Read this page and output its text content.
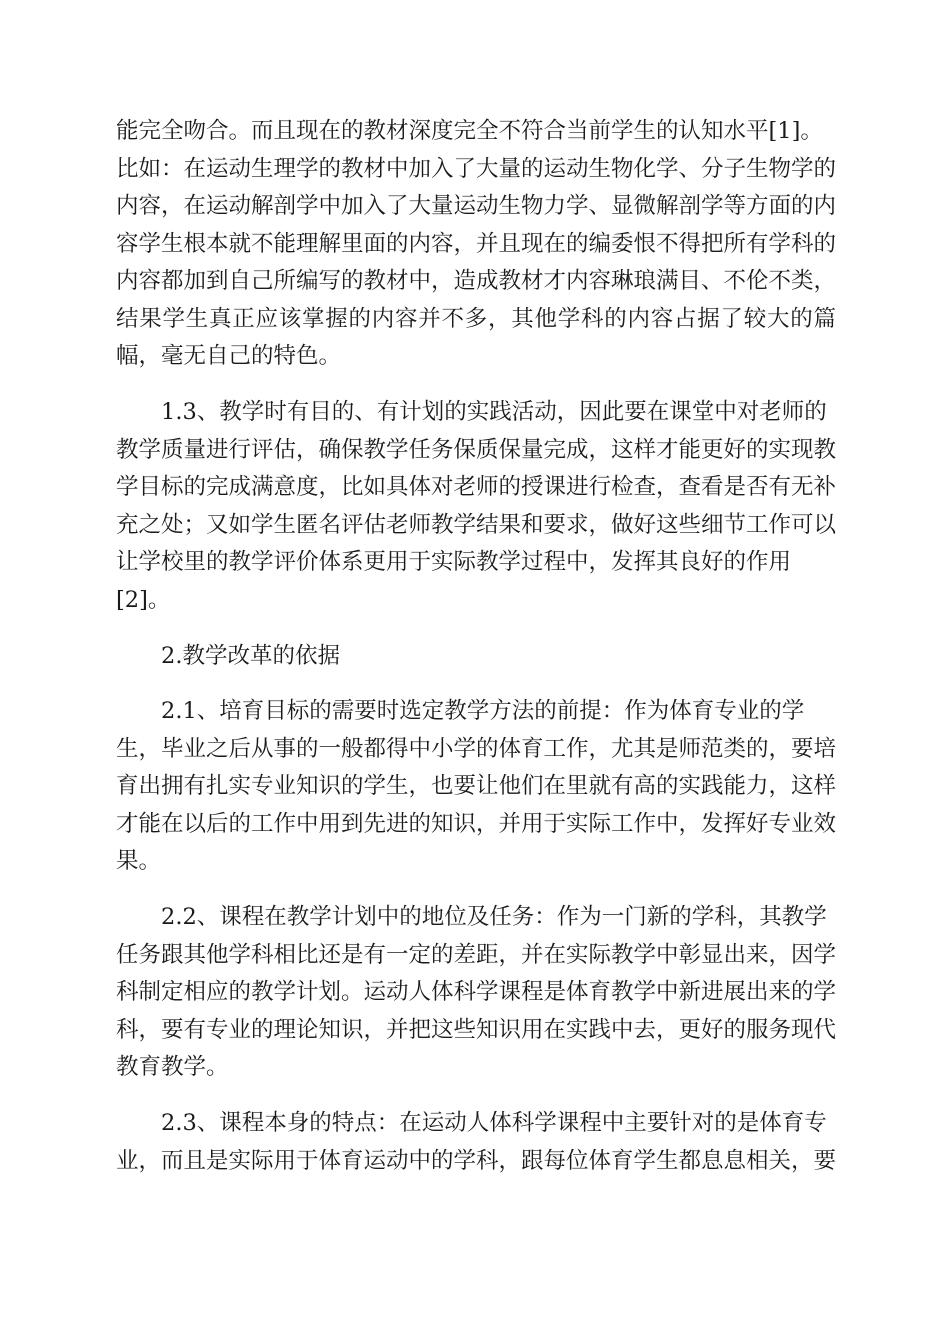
能完全吻合。而且现在的教材深度完全不符合当前学生的认知水平[1]。
比如：在运动生理学的教材中加入了大量的运动生物化学、分子生物学的
内容，在运动解剖学中加入了大量运动生物力学、显微解剖学等方面的内
容学生根本就不能理解里面的内容，并且现在的编委恨不得把所有学科的
内容都加到自己所编写的教材中，造成教材才内容琳琅满目、不伦不类，
结果学生真正应该掌握的内容并不多，其他学科的内容占据了较大的篇
幅，毫无自己的特色。
1.3、教学时有目的、有计划的实践活动，因此要在课堂中对老师的
教学质量进行评估，确保教学任务保质保量完成，这样才能更好的实现教
学目标的完成满意度，比如具体对老师的授课进行检查，查看是否有无补
充之处；又如学生匿名评估老师教学结果和要求，做好这些细节工作可以
让学校里的教学评价体系更用于实际教学过程中，发挥其良好的作用
[2]。
2.教学改革的依据
2.1、培育目标的需要时选定教学方法的前提：作为体育专业的学
生，毕业之后从事的一般都得中小学的体育工作，尤其是师范类的，要培
育出拥有扎实专业知识的学生，也要让他们在里就有高的实践能力，这样
才能在以后的工作中用到先进的知识，并用于实际工作中，发挥好专业效
果。
2.2、课程在教学计划中的地位及任务：作为一门新的学科，其教学
任务跟其他学科相比还是有一定的差距，并在实际教学中彰显出来，因学
科制定相应的教学计划。运动人体科学课程是体育教学中新进展出来的学
科，要有专业的理论知识，并把这些知识用在实践中去，更好的服务现代
教育教学。
2.3、课程本身的特点：在运动人体科学课程中主要针对的是体育专
业，而且是实际用于体育运动中的学科，跟每位体育学生都息息相关，要
